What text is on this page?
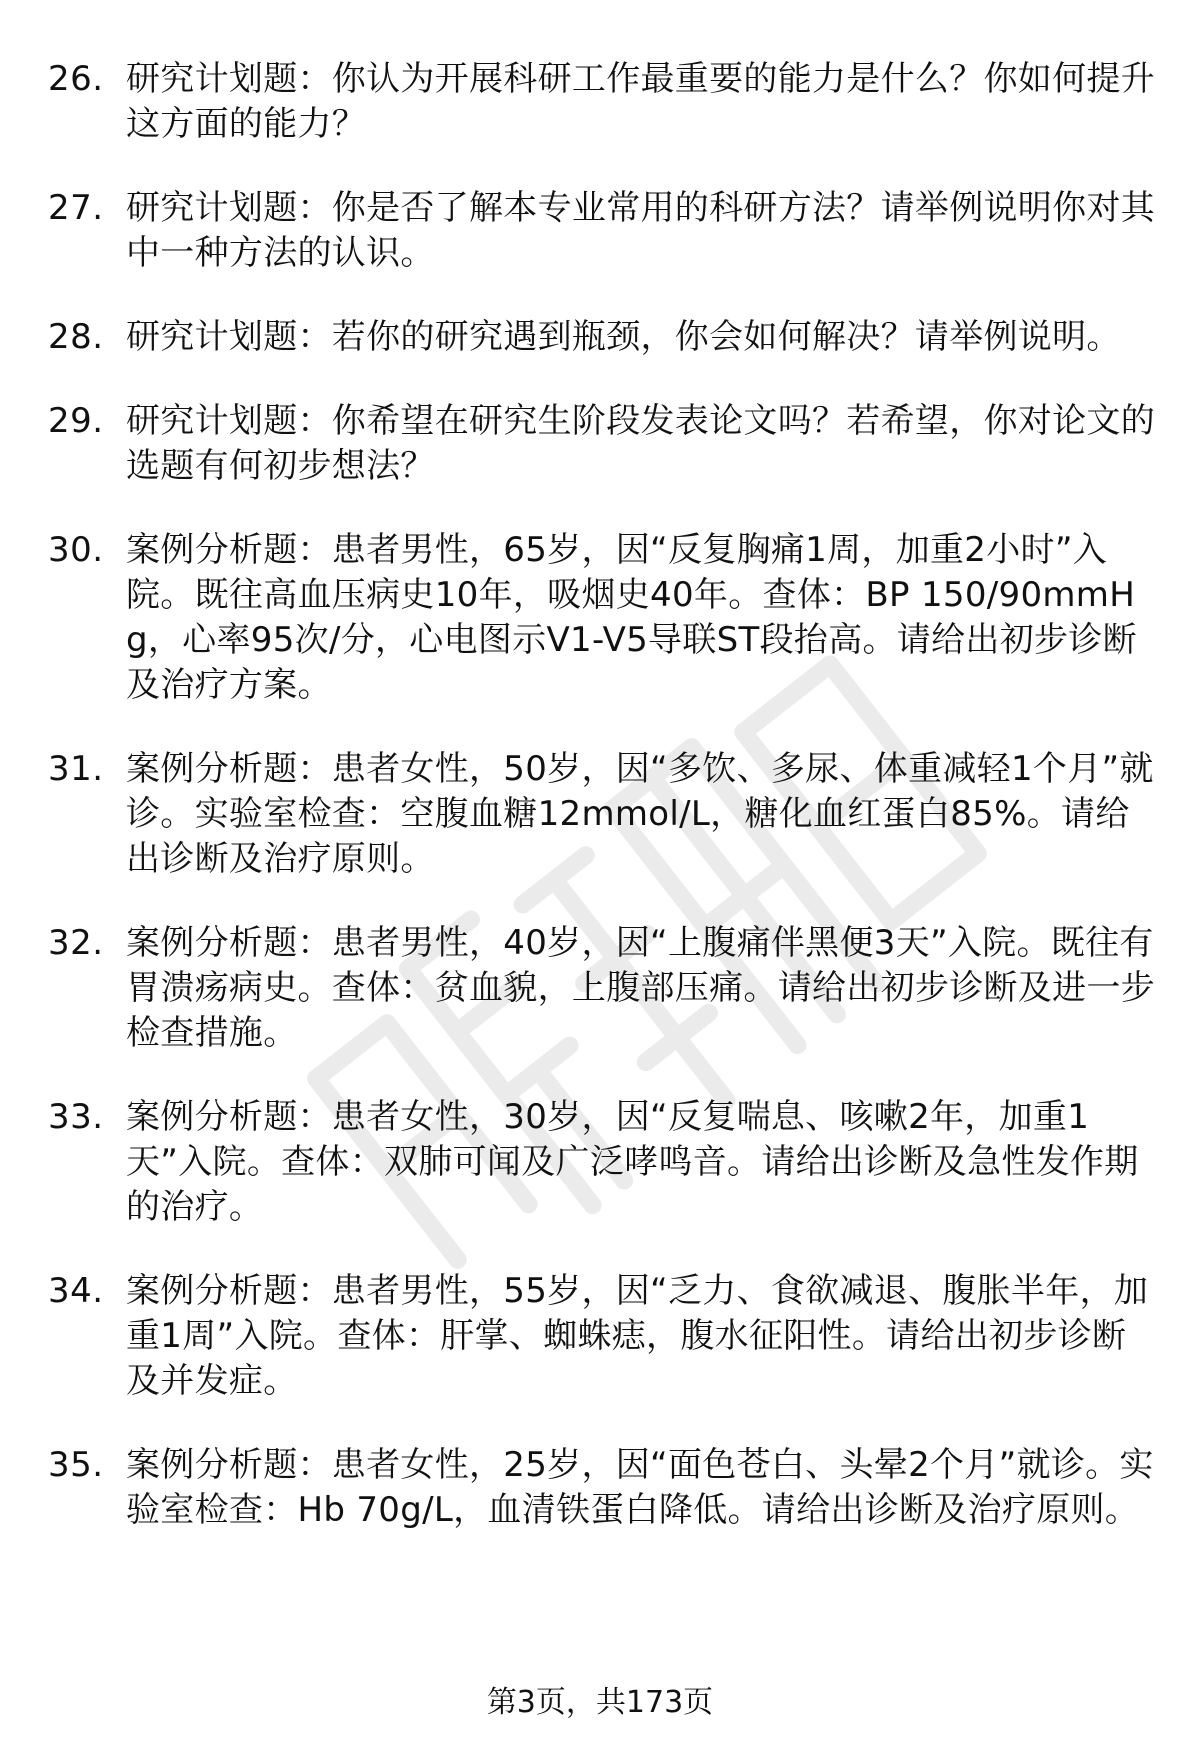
26. 研究计划题：你认为开展科研工作最重要的能力是什么？你如何提升这方面的能力？
27. 研究计划题：你是否了解本专业常用的科研方法？请举例说明你对其中一种方法的认识。
28. 研究计划题：若你的研究遇到瓶颈，你会如何解决？请举例说明。
29. 研究计划题：你希望在研究生阶段发表论文吗？若希望，你对论文的选题有何初步想法？
30. 案例分析题：患者男性，65岁，因“反复胸痛1周，加重2小时”入院。既往高血压病史10年，吸烟史40年。查体：BP 150/90mmHg，心率95次/分，心电图示V1-V5导联ST段抬高。请给出初步诊断及治疗方案。
31. 案例分析题：患者女性，50岁，因“多饮、多尿、体重减轻1个月”就诊。实验室检查：空腹血糖12mmol/L，糖化血红蛋白85%。请给出诊断及治疗原则。
32. 案例分析题：患者男性，40岁，因“上腹痛伴黑便3天”入院。既往有胃溃疡病史。查体：贫血貌，上腹部压痛。请给出初步诊断及进一步检查措施。
33. 案例分析题：患者女性，30岁，因“反复喘息、咳嗽2年，加重1天”入院。查体：双肺可闻及广泛哮鸣音。请给出诊断及急性发作期的治疗。
34. 案例分析题：患者男性，55岁，因“乏力、食欲减退、腹胀半年，加重1周”入院。查体：肝掌、蜘蛛痣，腹水征阳性。请给出初步诊断及并发症。
35. 案例分析题：患者女性，25岁，因“面色苍白、头晕2个月”就诊。实验室检查：Hb 70g/L，血清铁蛋白降低。请给出诊断及治疗原则。
第3页，共173页
